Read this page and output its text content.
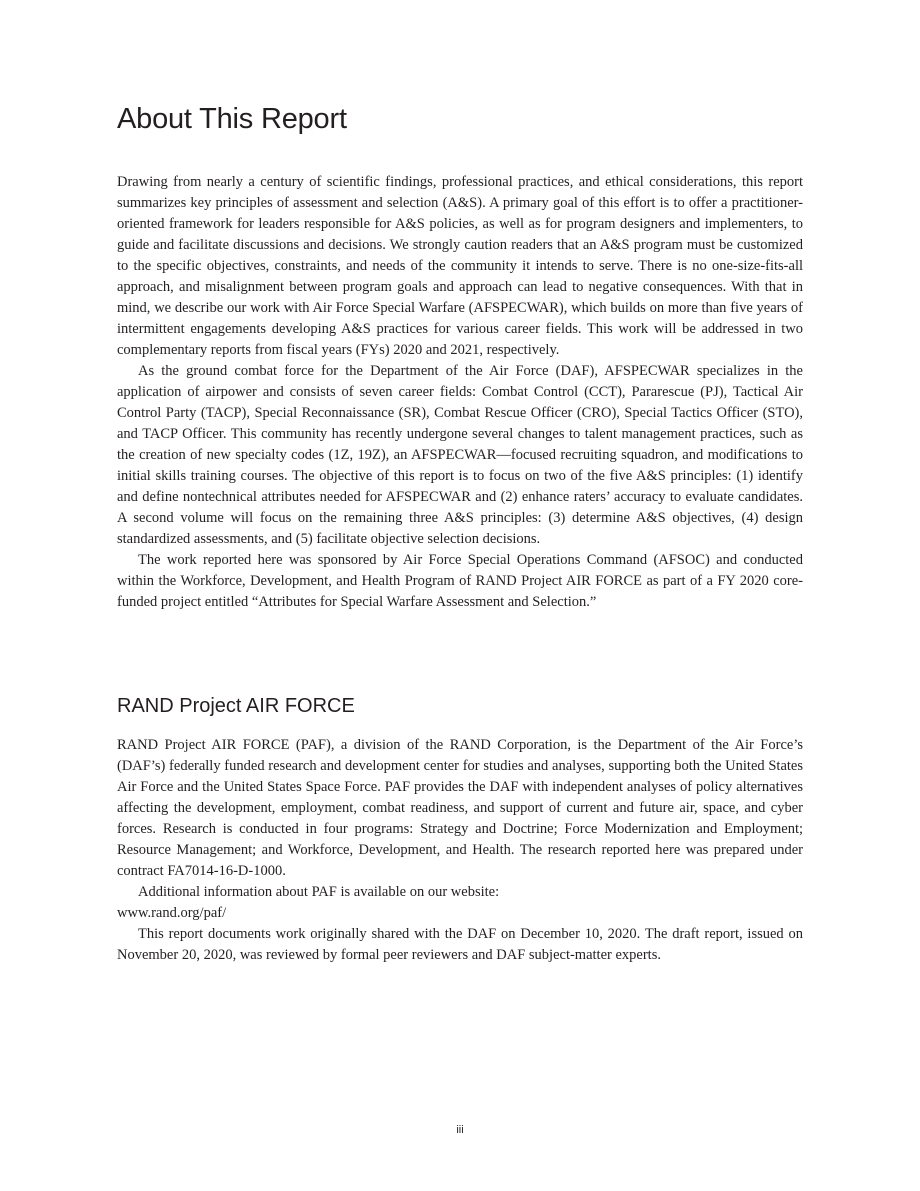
About This Report

Drawing from nearly a century of scientific findings, professional practices, and ethical considerations, this report summarizes key principles of assessment and selection (A&S). A primary goal of this effort is to offer a practitioner-oriented framework for leaders responsible for A&S policies, as well as for program designers and implementers, to guide and facilitate discussions and decisions. We strongly caution readers that an A&S program must be customized to the specific objectives, constraints, and needs of the community it intends to serve. There is no one-size-fits-all approach, and misalignment between program goals and approach can lead to negative consequences. With that in mind, we describe our work with Air Force Special Warfare (AFSPECWAR), which builds on more than five years of intermittent engagements developing A&S practices for various career fields. This work will be addressed in two complementary reports from fiscal years (FYs) 2020 and 2021, respectively.

As the ground combat force for the Department of the Air Force (DAF), AFSPECWAR specializes in the application of airpower and consists of seven career fields: Combat Control (CCT), Pararescue (PJ), Tactical Air Control Party (TACP), Special Reconnaissance (SR), Combat Rescue Officer (CRO), Special Tactics Officer (STO), and TACP Officer. This community has recently undergone several changes to talent management practices, such as the creation of new specialty codes (1Z, 19Z), an AFSPECWAR—focused recruiting squadron, and modifications to initial skills training courses. The objective of this report is to focus on two of the five A&S principles: (1) identify and define nontechnical attributes needed for AFSPECWAR and (2) enhance raters’ accuracy to evaluate candidates. A second volume will focus on the remaining three A&S principles: (3) determine A&S objectives, (4) design standardized assessments, and (5) facilitate objective selection decisions.

The work reported here was sponsored by Air Force Special Operations Command (AFSOC) and conducted within the Workforce, Development, and Health Program of RAND Project AIR FORCE as part of a FY 2020 core-funded project entitled “Attributes for Special Warfare Assessment and Selection.”

RAND Project AIR FORCE

RAND Project AIR FORCE (PAF), a division of the RAND Corporation, is the Department of the Air Force’s (DAF’s) federally funded research and development center for studies and analyses, supporting both the United States Air Force and the United States Space Force. PAF provides the DAF with independent analyses of policy alternatives affecting the development, employment, combat readiness, and support of current and future air, space, and cyber forces. Research is conducted in four programs: Strategy and Doctrine; Force Modernization and Employment; Resource Management; and Workforce, Development, and Health. The research reported here was prepared under contract FA7014-16-D-1000.

Additional information about PAF is available on our website:

www.rand.org/paf/

This report documents work originally shared with the DAF on December 10, 2020. The draft report, issued on November 20, 2020, was reviewed by formal peer reviewers and DAF subject-matter experts.

iii
